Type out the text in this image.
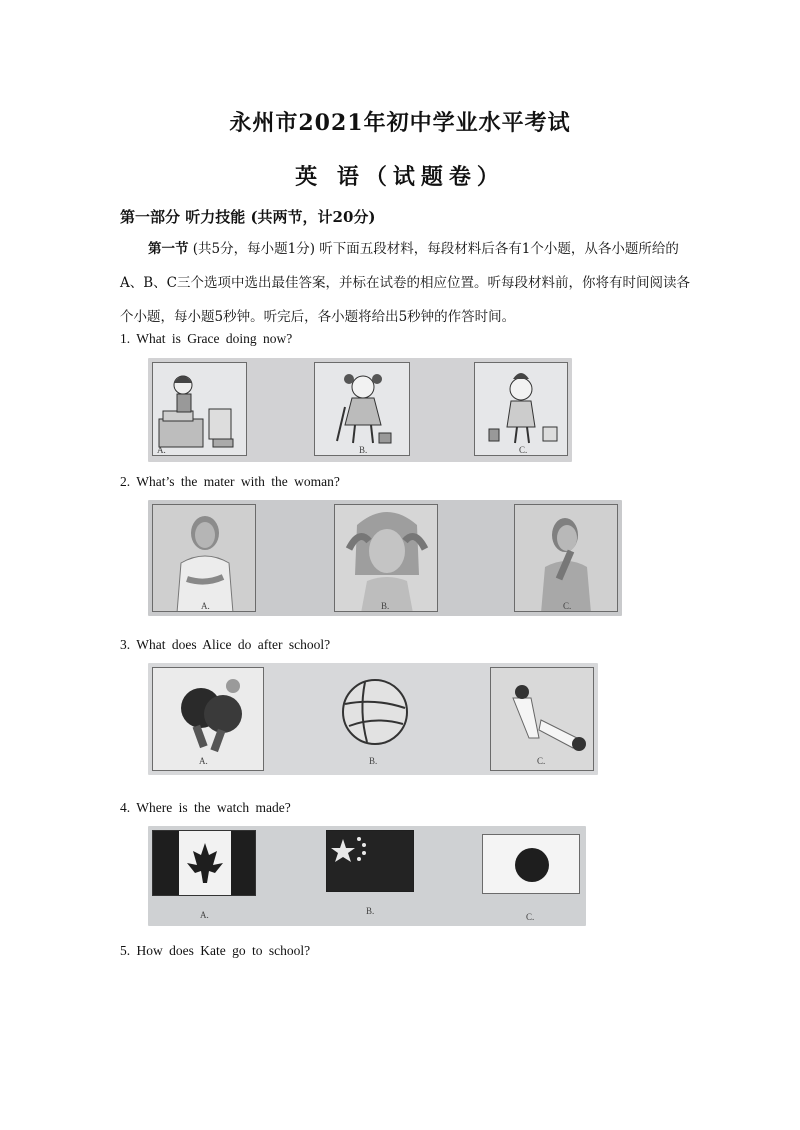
永州市2021年初中学业水平考试
英 语（试题卷）
第一部分 听力技能 (共两节，计20分)

第一节 (共5分，每小题1分) 听下面五段材料，每段材料后各有1个小题，从各小题所给的A、B、C三个选项中选出最佳答案，并标在试卷的相应位置。听每段材料前，你将有时间阅读各个小题，每小题5秒钟。听完后，各小题将给出5秒钟的作答时间。

1. What is Grace doing now?

A.	B.	C.

2. What’s the mater with the woman?

A.	B.	C.

3. What does Alice do after school?

A.	B.	C.

4. Where is the watch made?

A.	B.
C.

5. How does Kate go to school?
